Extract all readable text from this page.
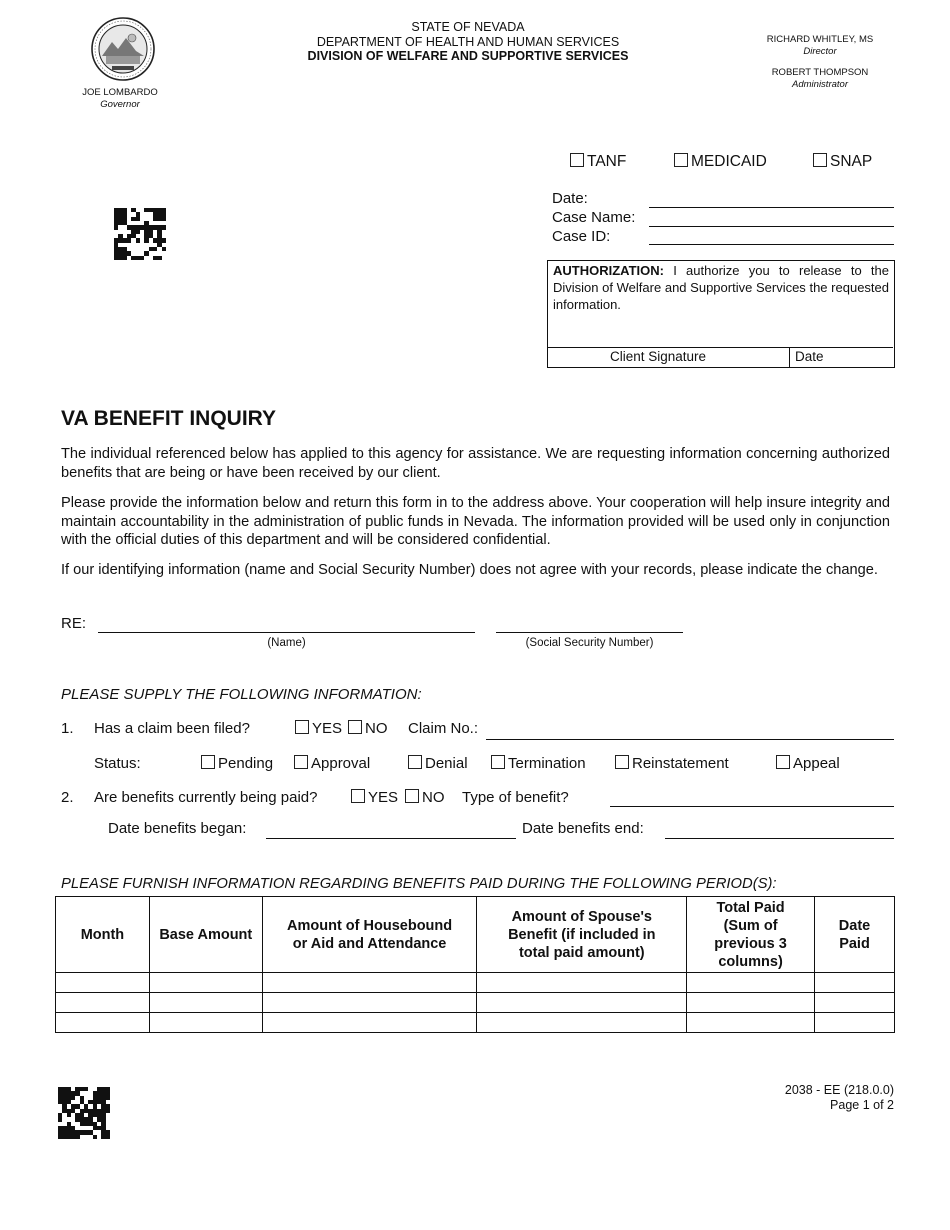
JOE LOMBARDO
Governor
STATE OF NEVADA
DEPARTMENT OF HEALTH AND HUMAN SERVICES
DIVISION OF WELFARE AND SUPPORTIVE SERVICES
RICHARD WHITLEY, MS
Director
ROBERT THOMPSON
Administrator
TANF	MEDICAID	SNAP
Date:
Case Name:
Case ID:
AUTHORIZATION: I authorize you to release to the Division of Welfare and Supportive Services the requested information.
Client Signature	Date
VA BENEFIT INQUIRY
The individual referenced below has applied to this agency for assistance. We are requesting information concerning authorized benefits that are being or have been received by our client.
Please provide the information below and return this form in to the address above. Your cooperation will help insure integrity and maintain accountability in the administration of public funds in Nevada. The information provided will be used only in conjunction with the official duties of this department and will be considered confidential.
If our identifying information (name and Social Security Number) does not agree with your records, please indicate the change.
RE:
(Name)	(Social Security Number)
PLEASE SUPPLY THE FOLLOWING INFORMATION:
1. Has a claim been filed?	YES	NO Claim No.:
Status:	Pending	Approval	Denial	Termination	Reinstatement	Appeal
2. Are benefits currently being paid?	YES	NO Type of benefit?
Date benefits began:	Date benefits end:
PLEASE FURNISH INFORMATION REGARDING BENEFITS PAID DURING THE FOLLOWING PERIOD(S):
Month	Base Amount	Amount of Housebound or Aid and Attendance	Amount of Spouse's Benefit (if included in total paid amount)	Total Paid (Sum of previous 3 columns)	Date Paid

2038 - EE (218.0.0)
Page 1 of 2
